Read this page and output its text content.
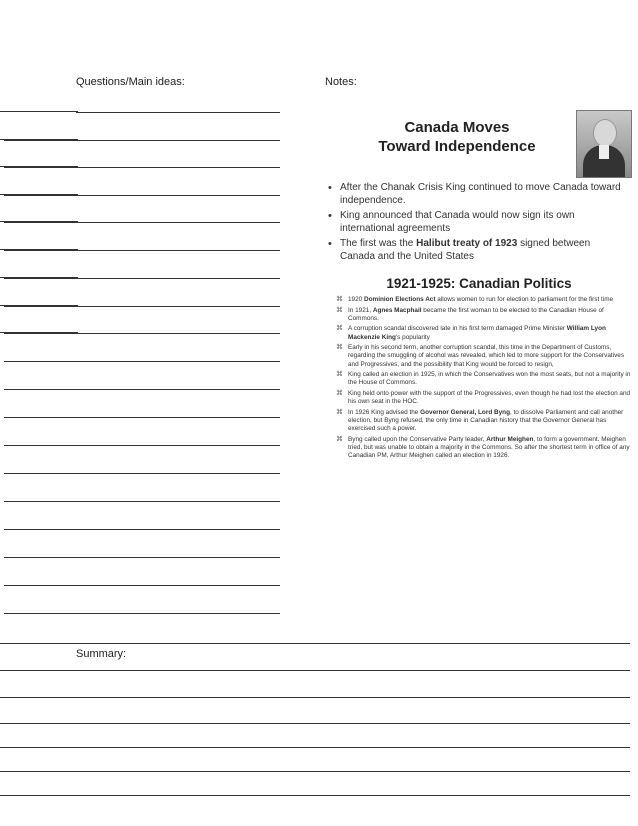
Questions/Main ideas:	Notes:
Canada Moves
Toward Independence
• After the Chanak Crisis King continued to move Canada toward independence.
• King announced that Canada would now sign its own international agreements
• The first was the Halibut treaty of 1923 signed between Canada and the United States
1921-1925: Canadian Politics
⌘ 1920 Dominion Elections Act allows women to run for election to parliament for the first time
⌘ In 1921, Agnes Macphail became the first woman to be elected to the Canadian House of Commons.
⌘ A corruption scandal discovered late in his first term damaged Prime Minister William Lyon Mackenzie King's popularity
⌘ Early in his second term, another corruption scandal, this time in the Department of Customs, regarding the smuggling of alcohol was revealed, which led to more support for the Conservatives and Progressives, and the possibility that King would be forced to resign,
⌘ King called an election in 1925, in which the Conservatives won the most seats, but not a majority in the House of Commons.
⌘ King held onto power with the support of the Progressives, even though he had lost the election and his own seat in the HOC.
⌘ In 1926 King advised the Governor General, Lord Byng, to dissolve Parliament and call another election, but Byng refused, the only time in Canadian history that the Governor General has exercised such a power.
⌘ Byng called upon the Conservative Party leader, Arthur Meighen, to form a government. Meighen tried, but was unable to obtain a majority in the Commons. So after the shortest term in office of any Canadian PM, Arthur Meighen called an election in 1926.
Summary:
